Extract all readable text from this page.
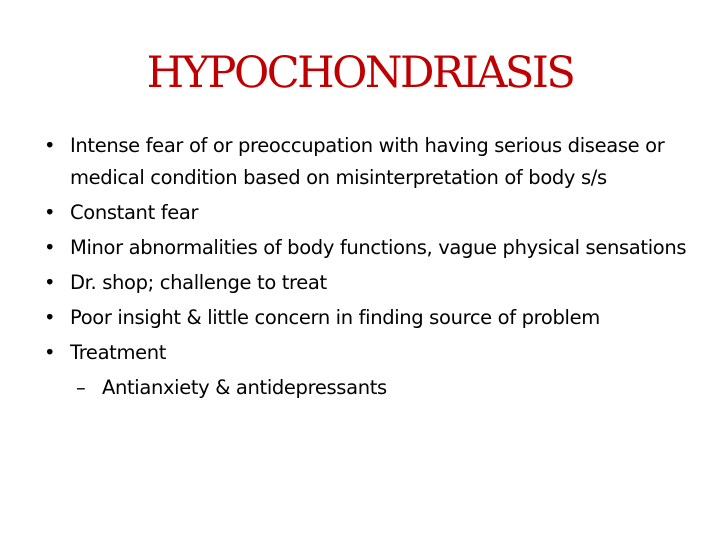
HYPOCHONDRIASIS
• Intense fear of or preoccupation with having serious disease or medical condition based on misinterpretation of body s/s
• Constant fear
• Minor abnormalities of body functions, vague physical sensations
• Dr. shop; challenge to treat
• Poor insight & little concern in finding source of problem
• Treatment
– Antianxiety & antidepressants
